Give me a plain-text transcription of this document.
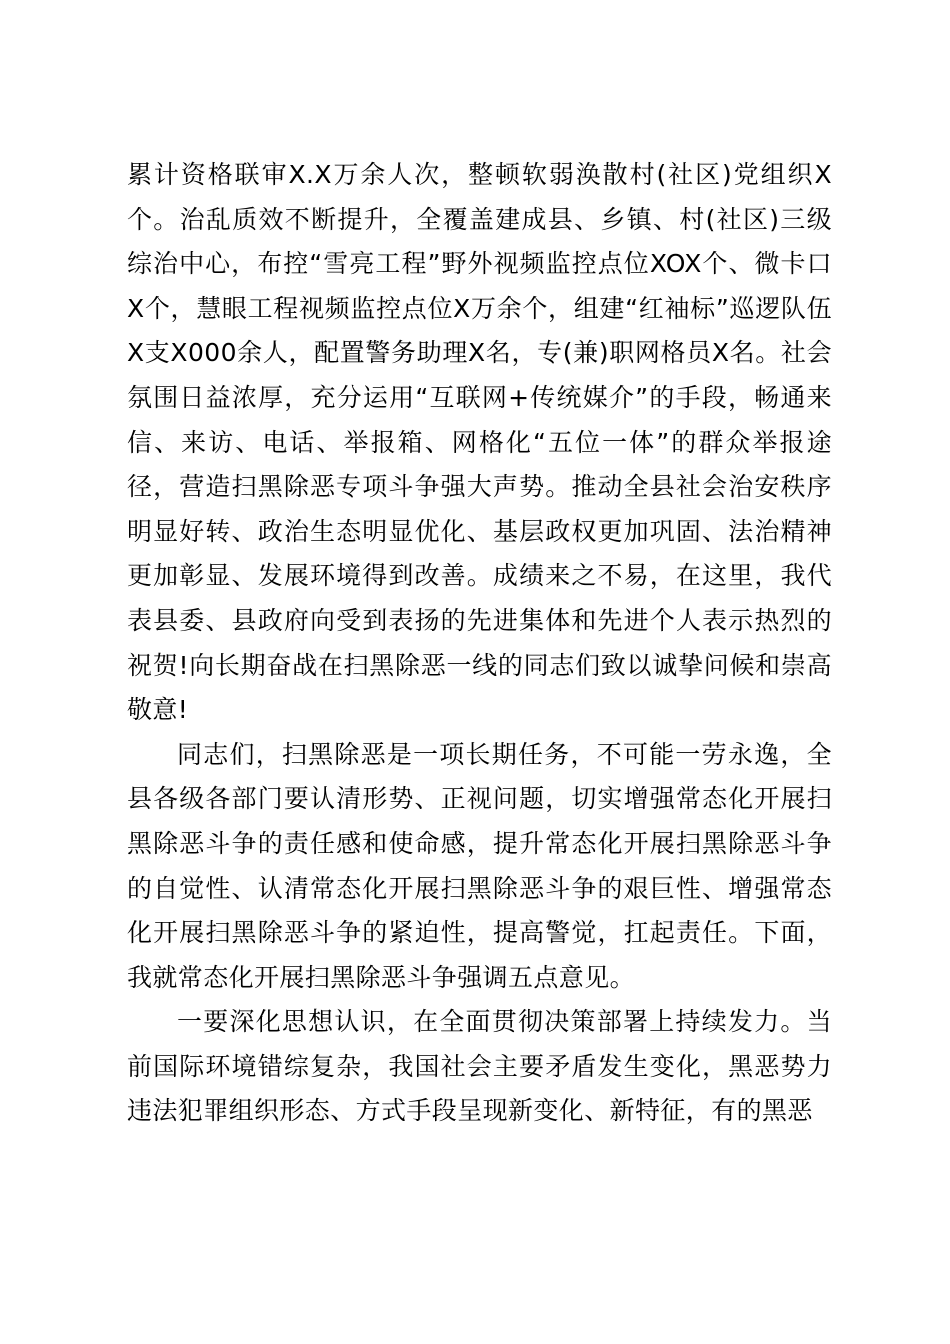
累计资格联审X.X万余人次，整顿软弱涣散村(社区)党组织X个。治乱质效不断提升，全覆盖建成县、乡镇、村(社区)三级综治中心，布控“雪亮工程”野外视频监控点位XOX个、微卡口X个，慧眼工程视频监控点位X万余个，组建“红袖标”巡逻队伍X支X000余人，配置警务助理X名，专(兼)职网格员X名。社会氛围日益浓厚，充分运用“互联网+传统媒介”的手段，畅通来信、来访、电话、举报箱、网格化“五位一体”的群众举报途径，营造扫黑除恶专项斗争强大声势。推动全县社会治安秩序明显好转、政治生态明显优化、基层政权更加巩固、法治精神更加彰显、发展环境得到改善。成绩来之不易，在这里，我代表县委、县政府向受到表扬的先进集体和先进个人表示热烈的祝贺!向长期奋战在扫黑除恶一线的同志们致以诚挚问候和崇高敬意!

同志们，扫黑除恶是一项长期任务，不可能一劳永逸，全县各级各部门要认清形势、正视问题，切实增强常态化开展扫黑除恶斗争的责任感和使命感，提升常态化开展扫黑除恶斗争的自觉性、认清常态化开展扫黑除恶斗争的艰巨性、增强常态化开展扫黑除恶斗争的紧迫性，提高警觉，扛起责任。下面，我就常态化开展扫黑除恶斗争强调五点意见。

一要深化思想认识，在全面贯彻决策部署上持续发力。当前国际环境错综复杂，我国社会主要矛盾发生变化，黑恶势力违法犯罪组织形态、方式手段呈现新变化、新特征，有的黑恶
